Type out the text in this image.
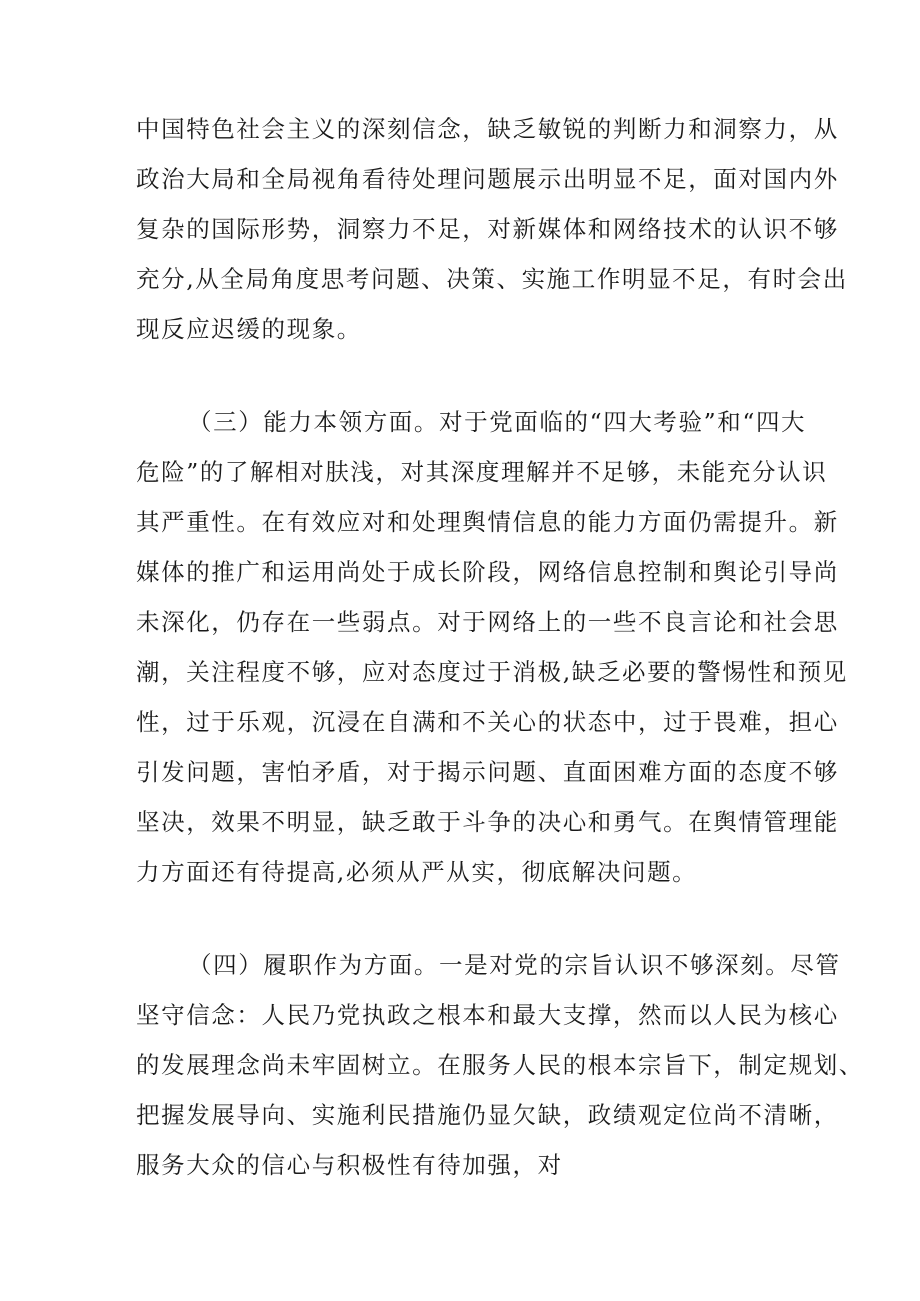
中国特色社会主义的深刻信念，缺乏敏锐的判断力和洞察力，从
政治大局和全局视角看待处理问题展示出明显不足，面对国内外
复杂的国际形势，洞察力不足，对新媒体和网络技术的认识不够
充分,从全局角度思考问题、决策、实施工作明显不足，有时会出
现反应迟缓的现象。
（三）能力本领方面。对于党面临的“四大考验”和“四大
危险”的了解相对肤浅，对其深度理解并不足够，未能充分认识
其严重性。在有效应对和处理舆情信息的能力方面仍需提升。新
媒体的推广和运用尚处于成长阶段，网络信息控制和舆论引导尚
未深化，仍存在一些弱点。对于网络上的一些不良言论和社会思
潮，关注程度不够，应对态度过于消极,缺乏必要的警惕性和预见
性，过于乐观，沉浸在自满和不关心的状态中，过于畏难，担心
引发问题，害怕矛盾，对于揭示问题、直面困难方面的态度不够
坚决，效果不明显，缺乏敢于斗争的决心和勇气。在舆情管理能
力方面还有待提高,必须从严从实，彻底解决问题。
（四）履职作为方面。一是对党的宗旨认识不够深刻。尽管
坚守信念：人民乃党执政之根本和最大支撑，然而以人民为核心
的发展理念尚未牢固树立。在服务人民的根本宗旨下，制定规划、
把握发展导向、实施利民措施仍显欠缺，政绩观定位尚不清晰，
服务大众的信心与积极性有待加强，对
